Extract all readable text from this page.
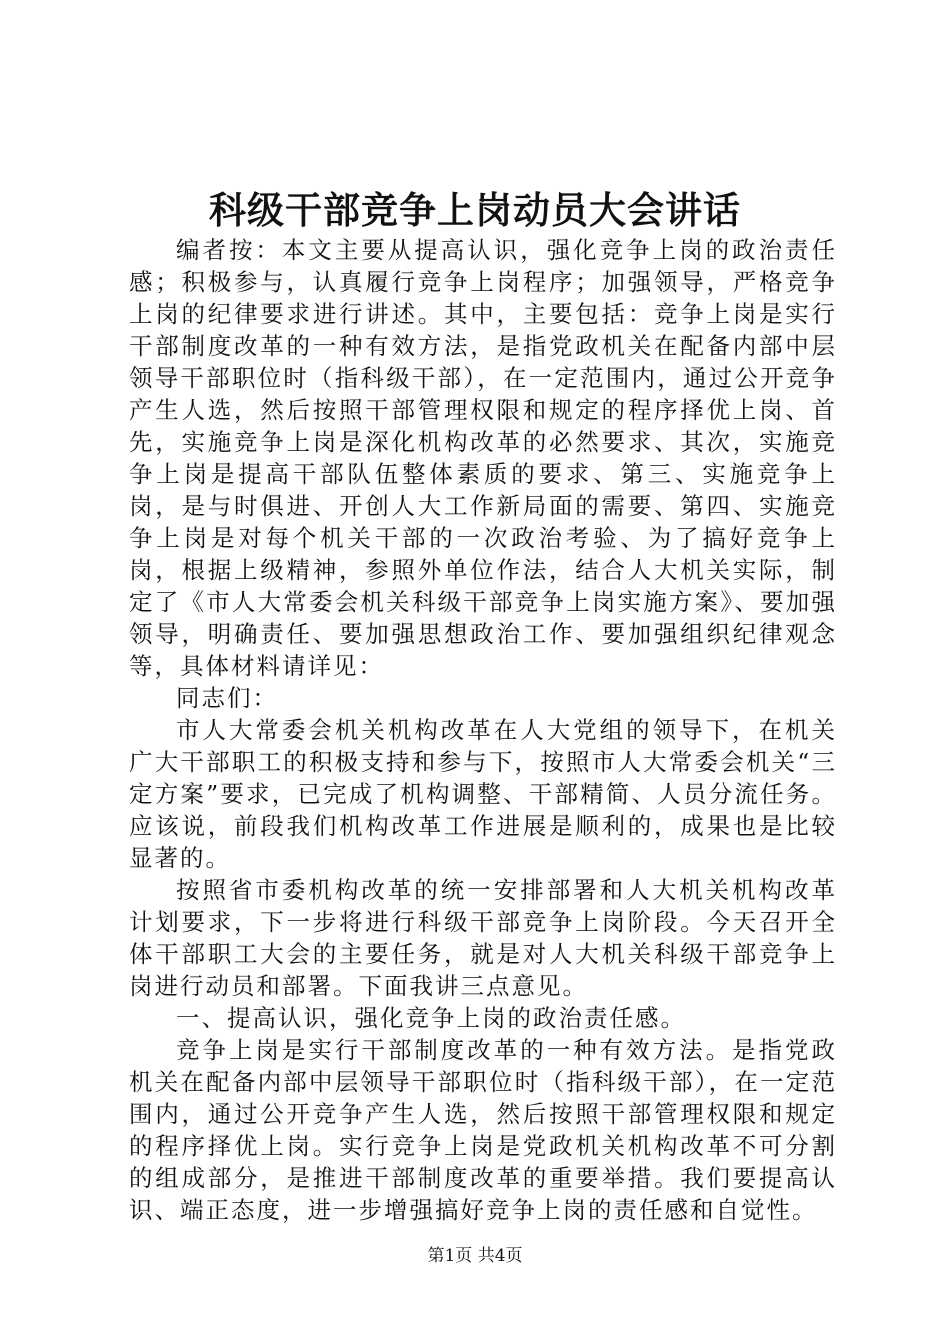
科级干部竞争上岗动员大会讲话

编者按：本文主要从提高认识，强化竞争上岗的政治责任感；积极参与，认真履行竞争上岗程序；加强领导，严格竞争上岗的纪律要求进行讲述。其中，主要包括：竞争上岗是实行干部制度改革的一种有效方法，是指党政机关在配备内部中层领导干部职位时（指科级干部），在一定范围内，通过公开竞争产生人选，然后按照干部管理权限和规定的程序择优上岗、首先，实施竞争上岗是深化机构改革的必然要求、其次，实施竞争上岗是提高干部队伍整体素质的要求、第三、实施竞争上岗，是与时俱进、开创人大工作新局面的需要、第四、实施竞争上岗是对每个机关干部的一次政治考验、为了搞好竞争上岗，根据上级精神，参照外单位作法，结合人大机关实际，制定了《市人大常委会机关科级干部竞争上岗实施方案》、要加强领导，明确责任、要加强思想政治工作、要加强组织纪律观念等，具体材料请详见：

同志们：

市人大常委会机关机构改革在人大党组的领导下，在机关广大干部职工的积极支持和参与下，按照市人大常委会机关“三定方案”要求，已完成了机构调整、干部精简、人员分流任务。应该说，前段我们机构改革工作进展是顺利的，成果也是比较显著的。

按照省市委机构改革的统一安排部署和人大机关机构改革计划要求，下一步将进行科级干部竞争上岗阶段。今天召开全体干部职工大会的主要任务，就是对人大机关科级干部竞争上岗进行动员和部署。下面我讲三点意见。

一、提高认识，强化竞争上岗的政治责任感。

竞争上岗是实行干部制度改革的一种有效方法。是指党政机关在配备内部中层领导干部职位时（指科级干部），在一定范围内，通过公开竞争产生人选，然后按照干部管理权限和规定的程序择优上岗。实行竞争上岗是党政机关机构改革不可分割的组成部分，是推进干部制度改革的重要举措。我们要提高认识、端正态度，进一步增强搞好竞争上岗的责任感和自觉性。

第1页 共4页
